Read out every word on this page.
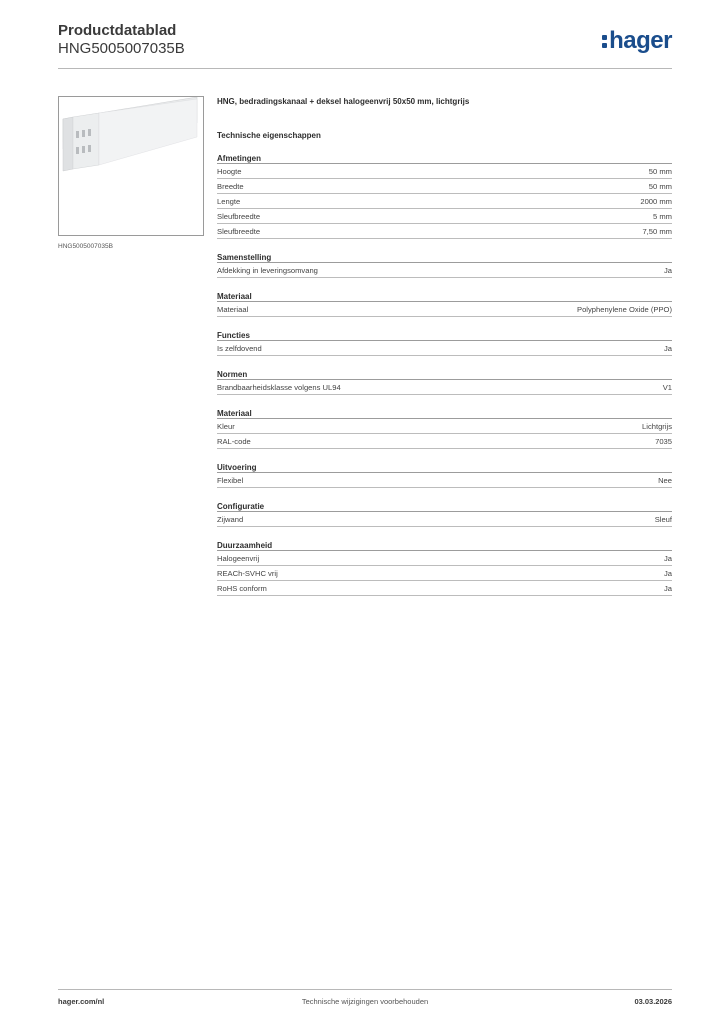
Productdatablad
HNG5005007035B	hager
HNG5005007035B
HNG, bedradingskanaal + deksel halogeenvrij 50x50 mm, lichtgrijs
Technische eigenschappen
Afmetingen
Hoogte	50 mm
Breedte	50 mm
Lengte	2000 mm
Sleufbreedte	5 mm
Sleufbreedte	7,50 mm
Samenstelling
Afdekking in leveringsomvang	Ja
Materiaal
Materiaal	Polyphenylene Oxide (PPO)
Functies
Is zelfdovend	Ja
Normen
Brandbaarheidsklasse volgens UL94	V1
Materiaal
Kleur	Lichtgrijs
RAL-code	7035
Uitvoering
Flexibel	Nee
Configuratie
Zijwand	Sleuf
Duurzaamheid
Halogeenvrij	Ja
REACh-SVHC vrij	Ja
RoHS conform	Ja
hager.com/nl	Technische wijzigingen voorbehouden	03.03.2026
